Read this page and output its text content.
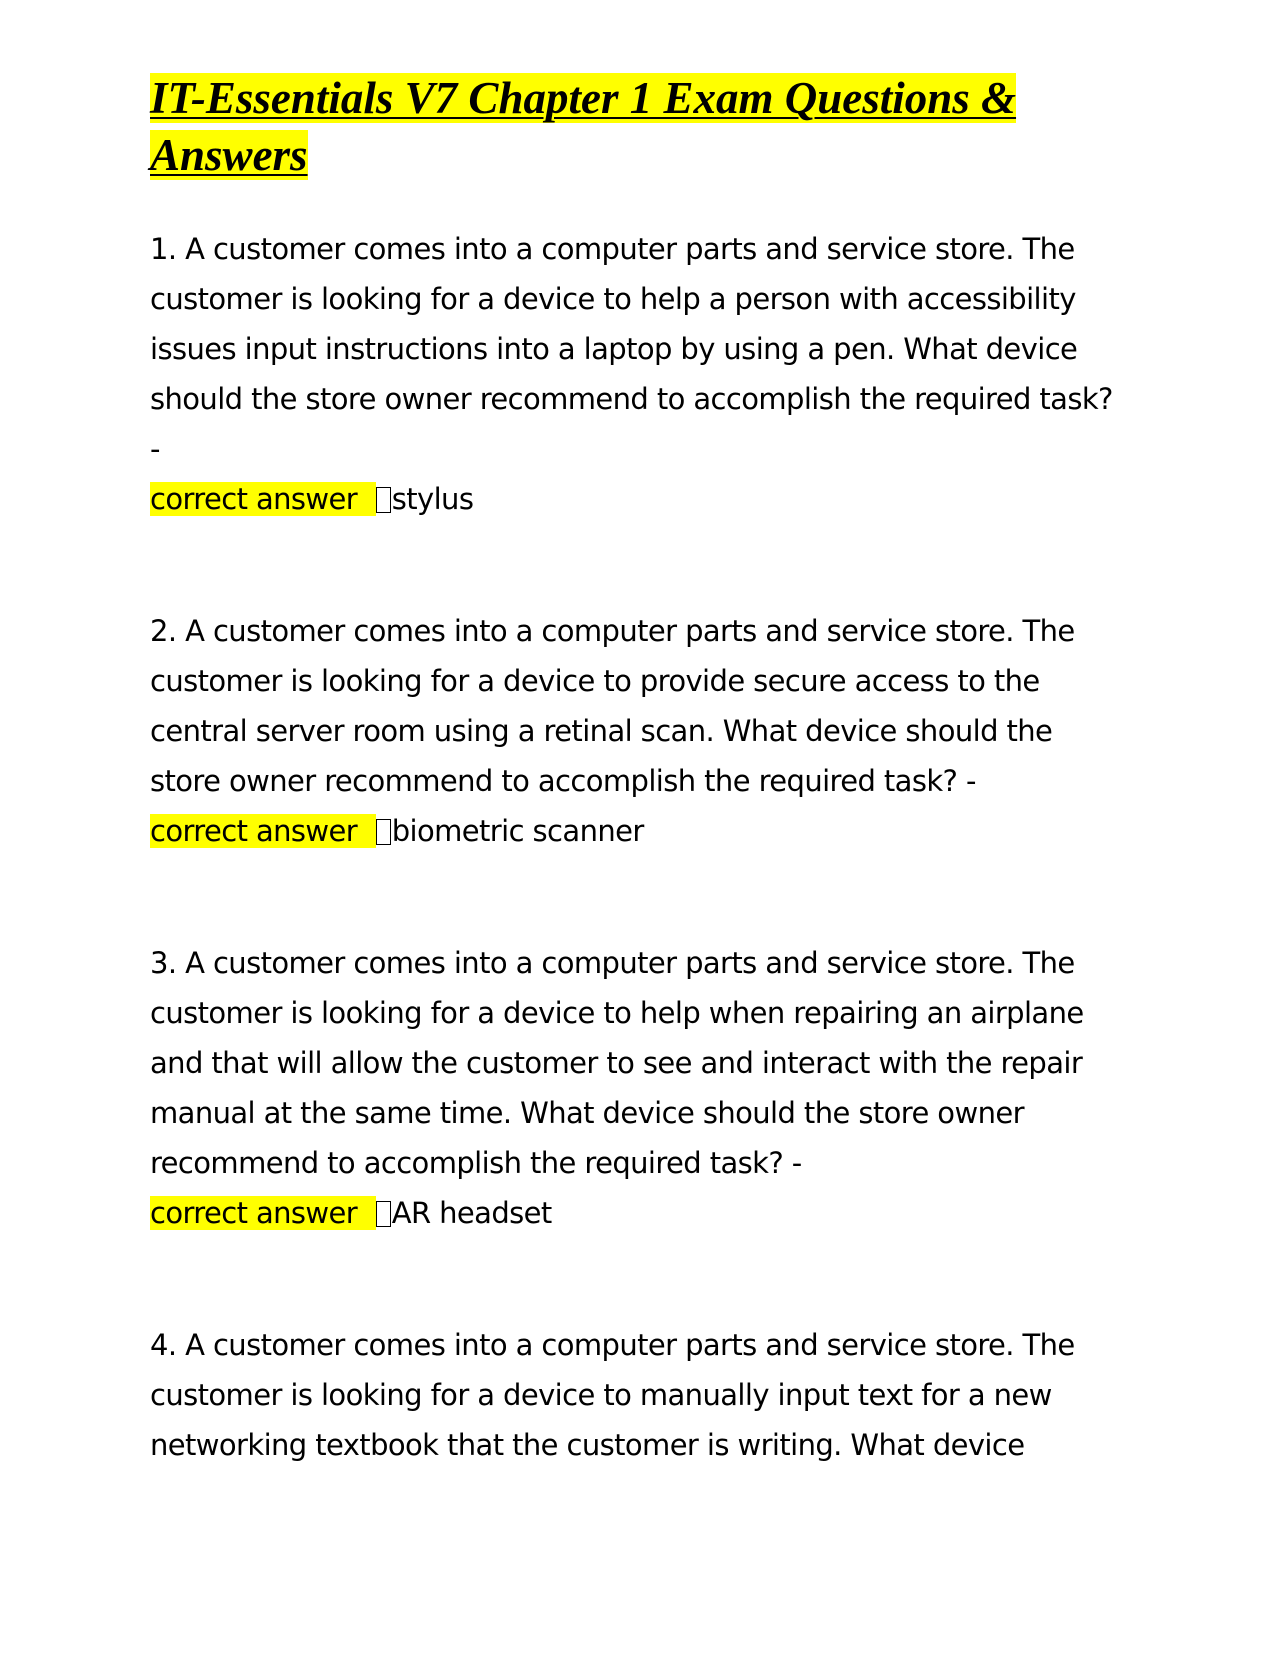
IT-Essentials V7 Chapter 1 Exam Questions & Answers
1. A customer comes into a computer parts and service store. The customer is looking for a device to help a person with accessibility issues input instructions into a laptop by using a pen. What device should the store owner recommend to accomplish the required task? -
correct answer stylus
2. A customer comes into a computer parts and service store. The customer is looking for a device to provide secure access to the central server room using a retinal scan. What device should the store owner recommend to accomplish the required task? -
correct answer biometric scanner
3. A customer comes into a computer parts and service store. The customer is looking for a device to help when repairing an airplane and that will allow the customer to see and interact with the repair manual at the same time. What device should the store owner recommend to accomplish the required task? -
correct answer AR headset
4. A customer comes into a computer parts and service store. The customer is looking for a device to manually input text for a new networking textbook that the customer is writing. What device
